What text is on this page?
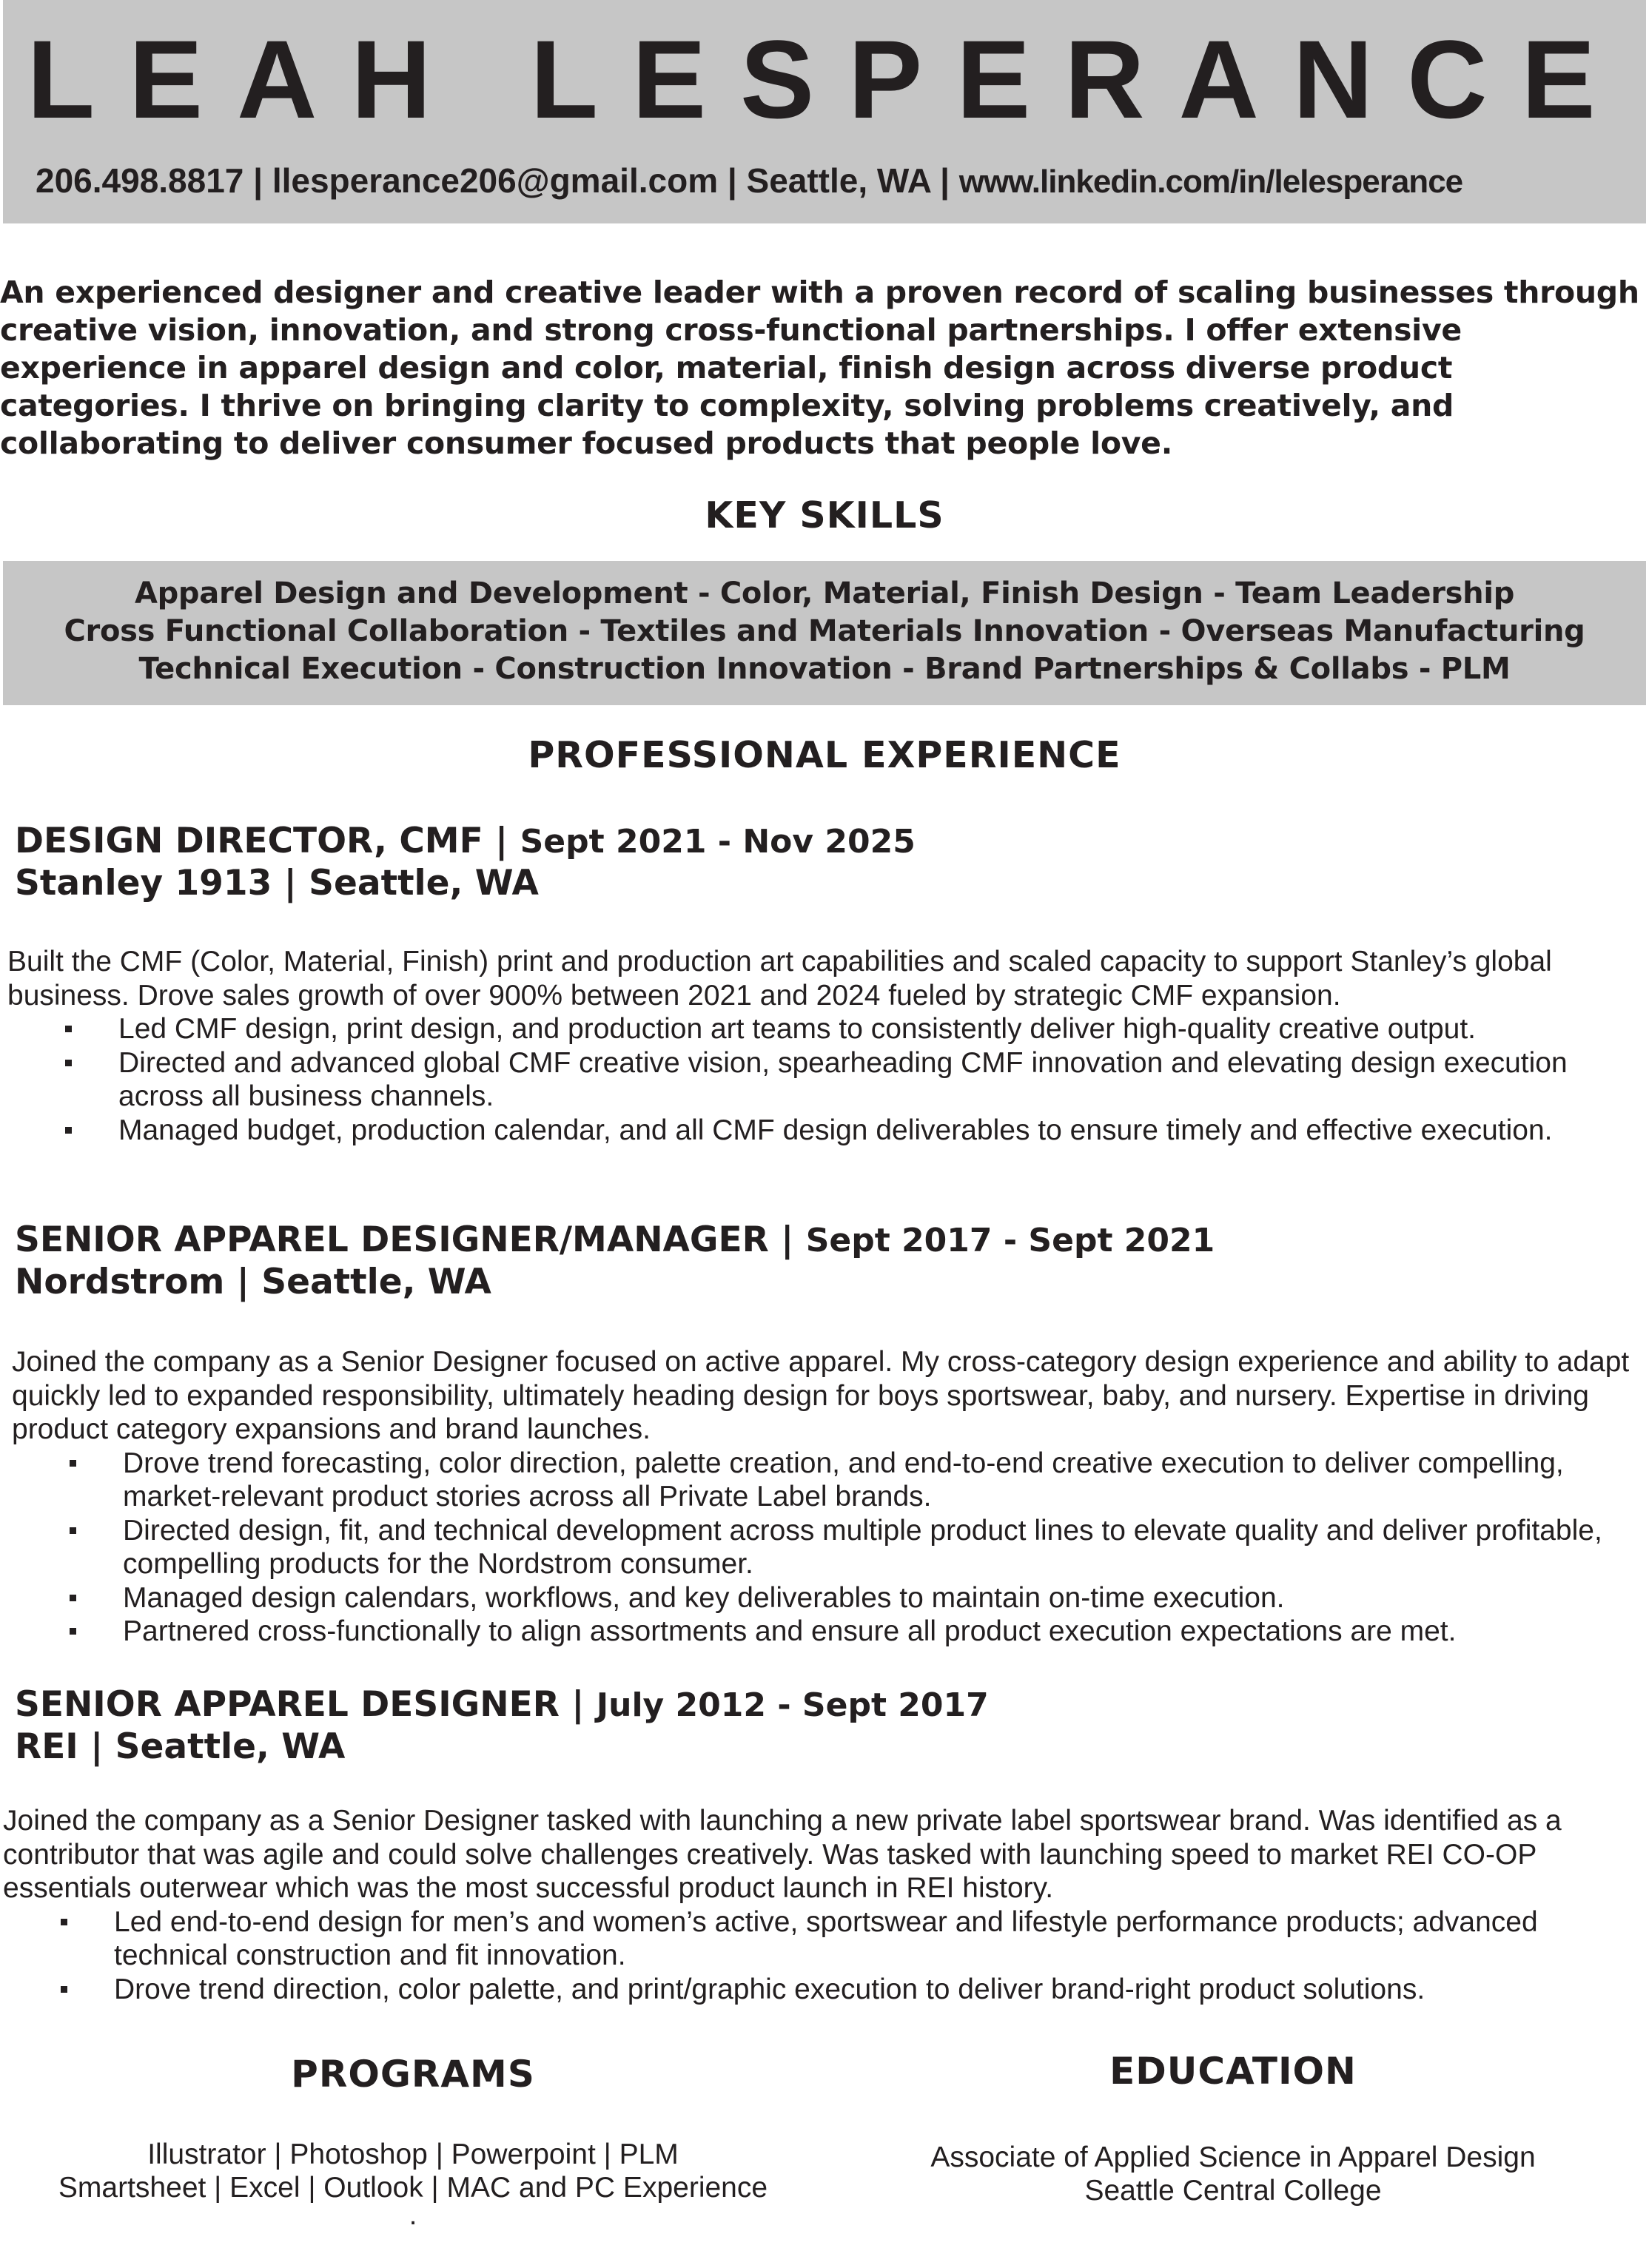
LEAH LESPERANCE
206.498.8817 | llesperance206@gmail.com | Seattle, WA | www.linkedin.com/in/lelesperance
An experienced designer and creative leader with a proven record of scaling businesses through creative vision, innovation, and strong cross-functional partnerships. I offer extensive experience in apparel design and color, material, finish design across diverse product categories. I thrive on bringing clarity to complexity, solving problems creatively, and collaborating to deliver consumer focused products that people love.
KEY SKILLS
Apparel Design and Development - Color, Material, Finish Design - Team Leadership
Cross Functional Collaboration - Textiles and Materials Innovation - Overseas Manufacturing
Technical Execution - Construction Innovation - Brand Partnerships & Collabs - PLM
PROFESSIONAL EXPERIENCE
DESIGN DIRECTOR, CMF | Sept 2021 - Nov 2025
Stanley 1913 | Seattle, WA
Built the CMF (Color, Material, Finish) print and production art capabilities and scaled capacity to support Stanley’s global business. Drove sales growth of over 900% between 2021 and 2024 fueled by strategic CMF expansion.
Led CMF design, print design, and production art teams to consistently deliver high-quality creative output.
Directed and advanced global CMF creative vision, spearheading CMF innovation and elevating design execution across all business channels.
Managed budget, production calendar, and all CMF design deliverables to ensure timely and effective execution.
SENIOR APPAREL DESIGNER/MANAGER | Sept 2017 - Sept 2021
Nordstrom | Seattle, WA
Joined the company as a Senior Designer focused on active apparel. My cross-category design experience and ability to adapt quickly led to expanded responsibility, ultimately heading design for boys sportswear, baby, and nursery. Expertise in driving product category expansions and brand launches.
Drove trend forecasting, color direction, palette creation, and end-to-end creative execution to deliver compelling, market-relevant product stories across all Private Label brands.
Directed design, fit, and technical development across multiple product lines to elevate quality and deliver profitable, compelling products for the Nordstrom consumer.
Managed design calendars, workflows, and key deliverables to maintain on-time execution.
Partnered cross-functionally to align assortments and ensure all product execution expectations are met.
SENIOR APPAREL DESIGNER | July 2012 - Sept 2017
REI | Seattle, WA
Joined the company as a Senior Designer tasked with launching a new private label sportswear brand. Was identified as a contributor that was agile and could solve challenges creatively. Was tasked with launching speed to market REI CO-OP essentials outerwear which was the most successful product launch in REI history.
Led end-to-end design for men’s and women’s active, sportswear and lifestyle performance products; advanced technical construction and fit innovation.
Drove trend direction, color palette, and print/graphic execution to deliver brand-right product solutions.
PROGRAMS
Illustrator | Photoshop | Powerpoint | PLM
Smartsheet | Excel | Outlook | MAC and PC Experience
.
EDUCATION
Associate of Applied Science in Apparel Design
Seattle Central College
